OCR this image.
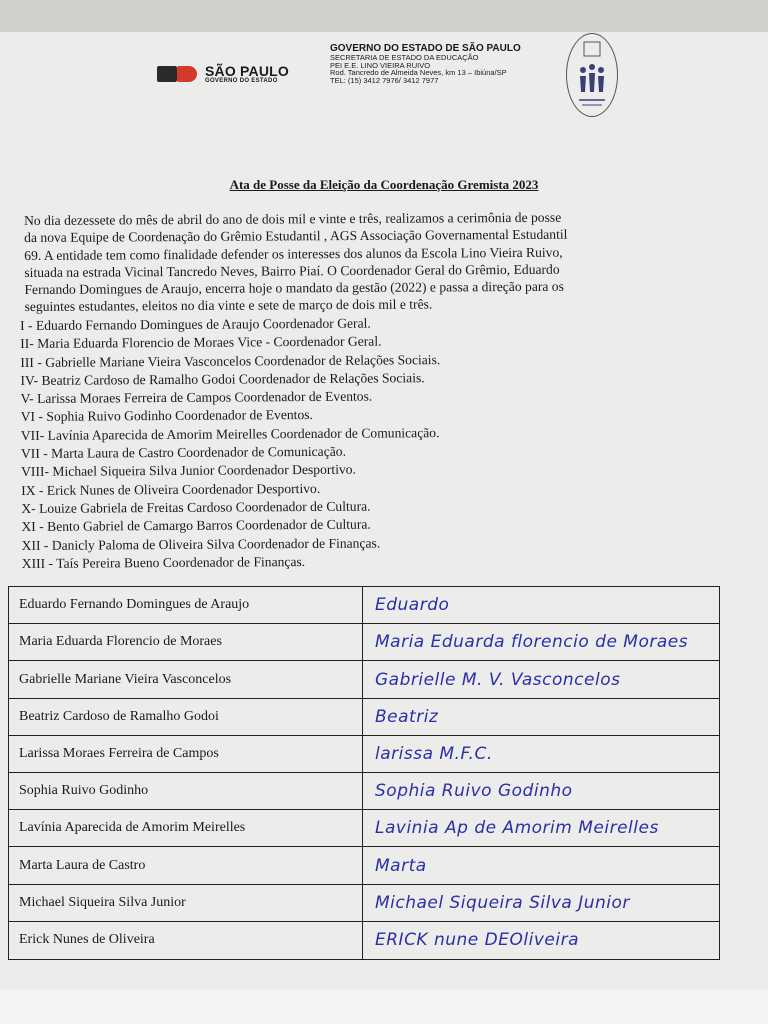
SÃO PAULO
GOVERNO DO ESTADO
GOVERNO DO ESTADO DE SÃO PAULO
SECRETARIA DE ESTADO DA EDUCAÇÃO
PEI E.E. LINO VIEIRA RUIVO
Rod. Tancredo de Almeida Neves, km 13 – Ibiúna/SP
TEL: (15) 3412 7976/ 3412 7977
Ata de Posse da Eleição da Coordenação Gremista 2023

No dia dezessete do mês de abril do ano de dois mil e vinte e três, realizamos a cerimônia de posse

da nova Equipe de Coordenação do Grêmio Estudantil , AGS Associação Governamental Estudantil

69. A entidade tem como finalidade defender os interesses dos alunos da Escola Lino Vieira Ruivo,

situada na estrada Vicinal Tancredo Neves, Bairro Piaí. O Coordenador Geral do Grêmio, Eduardo

Fernando Domingues de Araujo, encerra hoje o mandato da gestão (2022) e passa a direção para os

seguintes estudantes, eleitos no dia vinte e sete de março de dois mil e três.

I - Eduardo Fernando Domingues de Araujo Coordenador Geral.
II- Maria Eduarda Florencio de Moraes Vice - Coordenador Geral.
III - Gabrielle Mariane Vieira Vasconcelos Coordenador de Relações Sociais.
IV- Beatriz Cardoso de Ramalho Godoi Coordenador de Relações Sociais.
V- Larissa Moraes Ferreira de Campos Coordenador de Eventos.
VI - Sophia Ruivo Godinho Coordenador de Eventos.
VII- Lavínia Aparecida de Amorim Meirelles Coordenador de Comunicação.
VII - Marta Laura de Castro Coordenador de Comunicação.
VIII- Michael Siqueira Silva Junior Coordenador Desportivo.
IX - Erick Nunes de Oliveira Coordenador Desportivo.
X- Louize Gabriela de Freitas Cardoso Coordenador de Cultura.
XI - Bento Gabriel de Camargo Barros Coordenador de Cultura.
XII - Danicly Paloma de Oliveira Silva Coordenador de Finanças.
XIII - Taís Pereira Bueno Coordenador de Finanças.
Eduardo Fernando Domingues de Araujo	Eduardo
Maria Eduarda Florencio de Moraes	Maria Eduarda florencio de Moraes
Gabrielle Mariane Vieira Vasconcelos	Gabrielle M. V. Vasconcelos
Beatriz Cardoso de Ramalho Godoi	Beatriz
Larissa Moraes Ferreira de Campos	larissa M.F.C.
Sophia Ruivo Godinho	Sophia Ruivo Godinho
Lavínia Aparecida de Amorim Meirelles	Lavinia Ap de Amorim Meirelles
Marta Laura de Castro	Marta
Michael Siqueira Silva Junior	Michael Siqueira Silva Junior
Erick Nunes de Oliveira	ERICK nune DEOliveira
